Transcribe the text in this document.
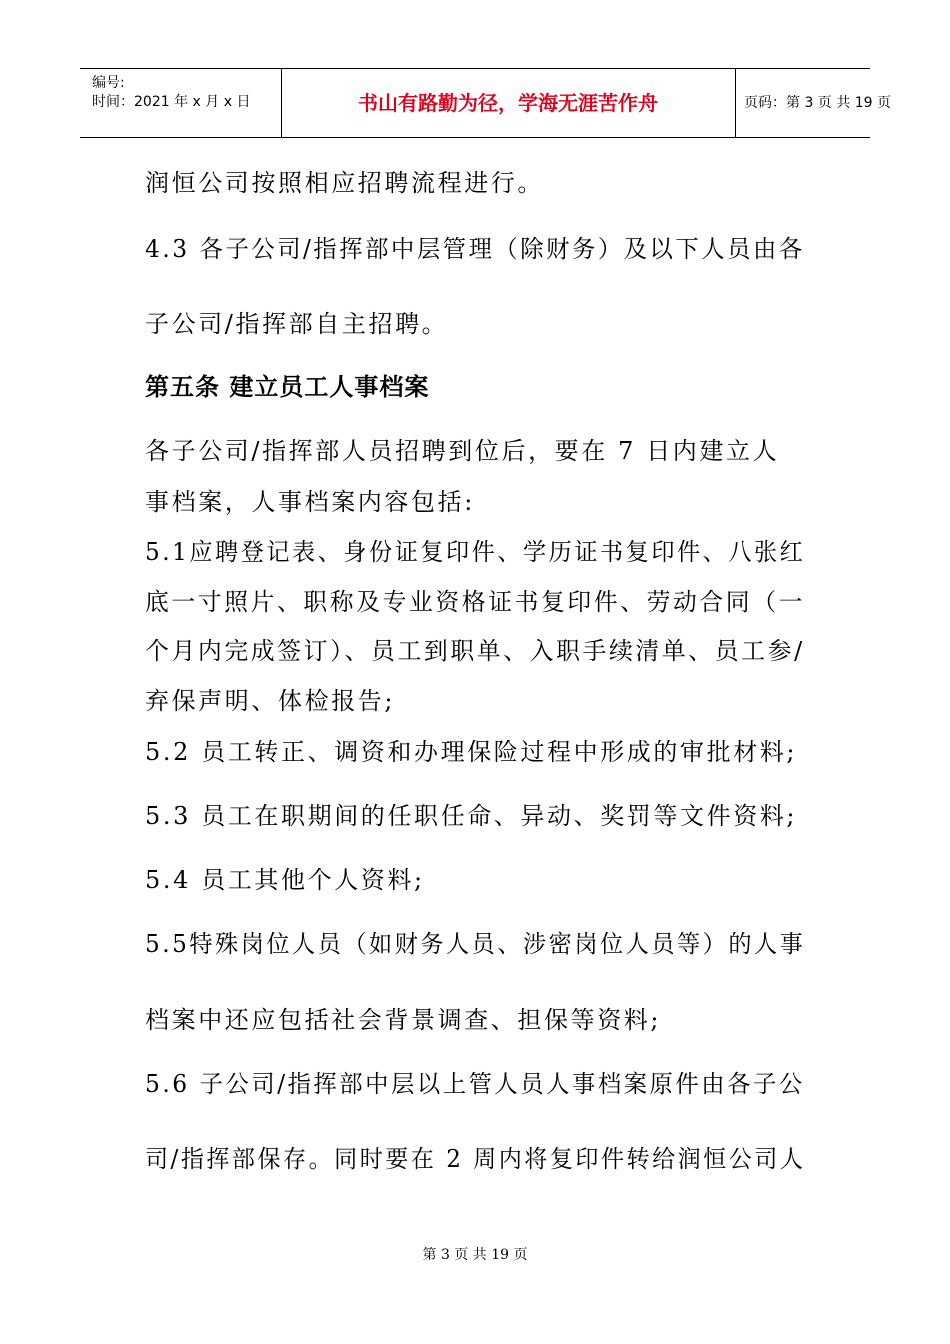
编号:
时间：2021 年 x 月 x 日	书山有路勤为径，学海无涯苦作舟	页码：第 3 页 共 19 页
润恒公司按照相应招聘流程进行。
4.3 各子公司/指挥部中层管理（除财务）及以下人员由各
子公司/指挥部自主招聘。
第五条 建立员工人事档案
各子公司/指挥部人员招聘到位后，要在 7 日内建立人
事档案，人事档案内容包括:
5.1应聘登记表、身份证复印件、学历证书复印件、八张红
底一寸照片、职称及专业资格证书复印件、劳动合同（一
个月内完成签订）、员工到职单、入职手续清单、员工参/
弃保声明、体检报告;
5.2 员工转正、调资和办理保险过程中形成的审批材料;
5.3 员工在职期间的任职任命、异动、奖罚等文件资料;
5.4 员工其他个人资料;
5.5特殊岗位人员（如财务人员、涉密岗位人员等）的人事
档案中还应包括社会背景调查、担保等资料;
5.6 子公司/指挥部中层以上管人员人事档案原件由各子公
司/指挥部保存。同时要在 2 周内将复印件转给润恒公司人
第 3 页 共 19 页
